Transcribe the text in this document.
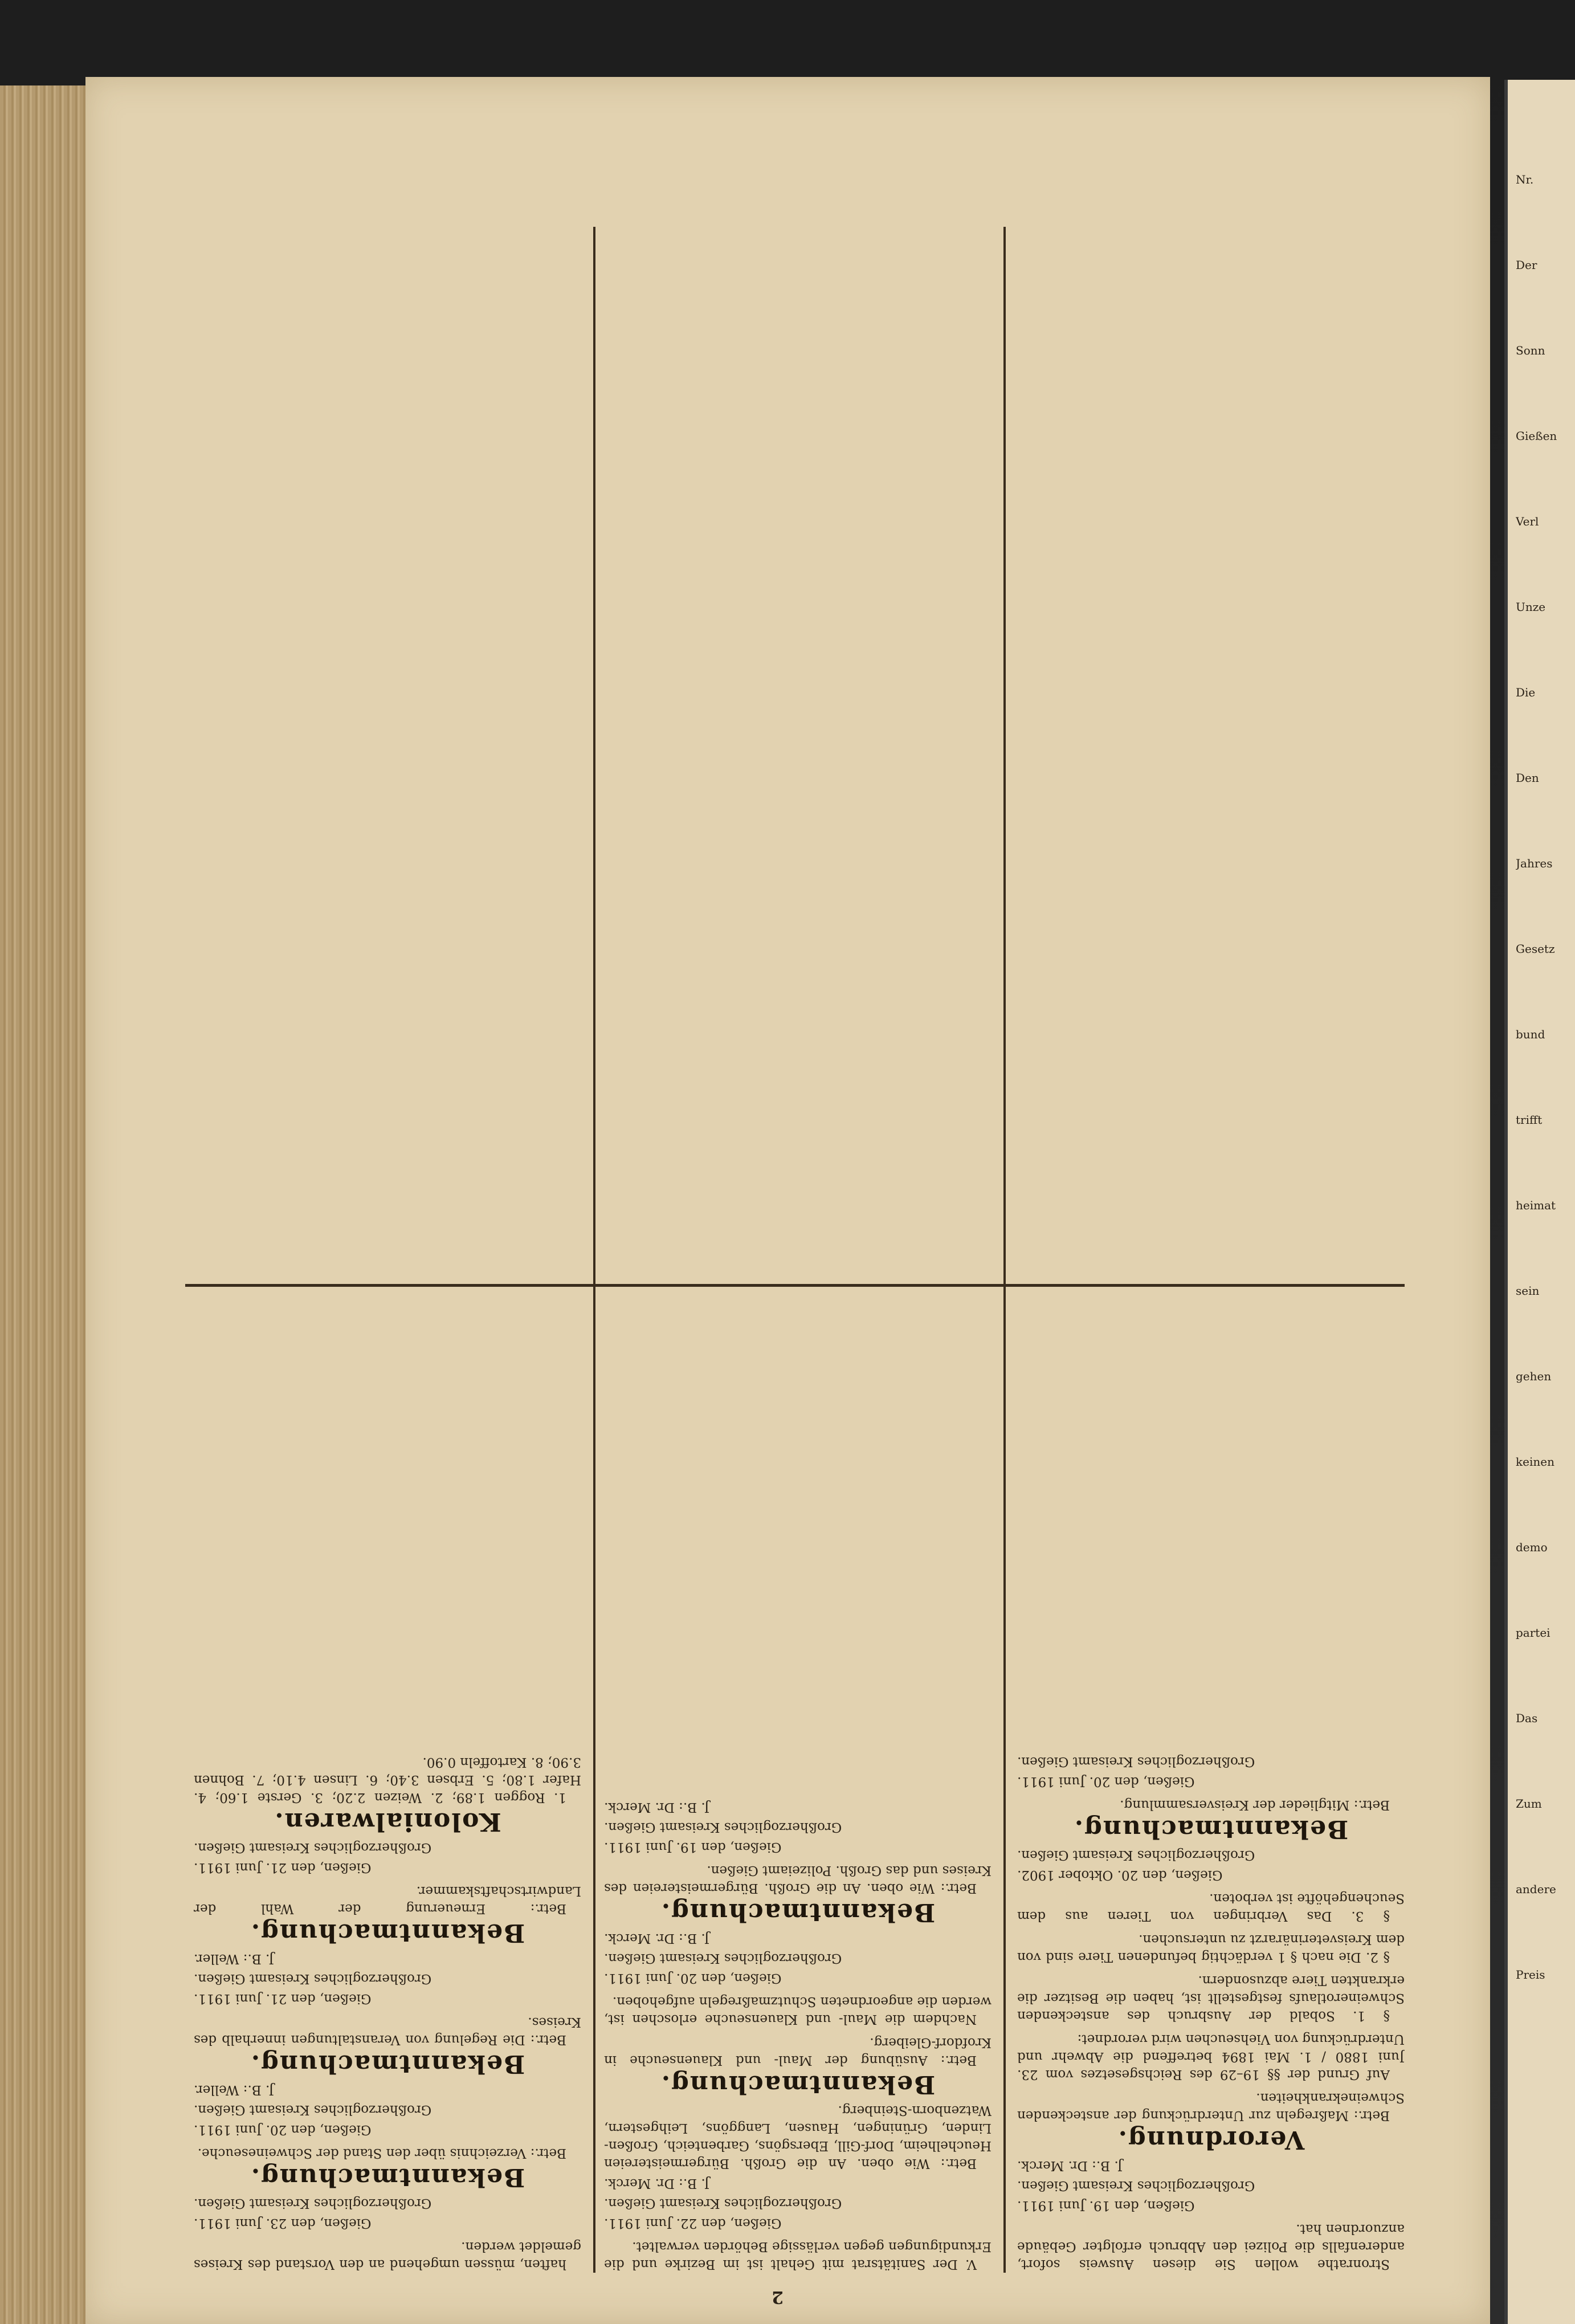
2

Stronrathe wollen Sie diesen Ausweis sofort, anderenfalls die Polizei den Abbruch erfolgter Gebäude anzuordnen hat.

Gießen, den 19. Juni 1911.
Großherzogliches Kreisamt Gießen.
J. B.: Dr. Merck.
Verordnung.

Betr.: Maßregeln zur Unterdrückung der ansteckenden Schweinekrankheiten.

Auf Grund der §§ 19–29 des Reichsgesetzes vom 23. Juni 1880 / 1. Mai 1894 betreffend die Abwehr und Unterdrückung von Viehseuchen wird verordnet:

§ 1. Sobald der Ausbruch des ansteckenden Schweinerotlaufs festgestellt ist, haben die Besitzer die erkrankten Tiere abzusondern.

§ 2. Die nach § 1 verdächtig befundenen Tiere sind von dem Kreisveterinärarzt zu untersuchen.

§ 3. Das Verbringen von Tieren aus dem Seuchengehöfte ist verboten.

Gießen, den 20. Oktober 1902.
Großherzogliches Kreisamt Gießen.
Bekanntmachung.

Betr.: Mitglieder der Kreisversammlung.

Gießen, den 20. Juni 1911.
Großherzogliches Kreisamt Gießen.

V. Der Sanitätsrat mit Gehalt ist im Bezirke und die Erkundigungen gegen verlässige Behörden verwaltet.

Gießen, den 22. Juni 1911.
Großherzogliches Kreisamt Gießen.
J. B.: Dr. Merck.

Betr.: Wie oben. An die Großh. Bürgermeistereien Heuchelheim, Dorf-Gill, Ebersgöns, Garbenteich, Großen-Linden, Grüningen, Hausen, Langgöns, Leihgestern, Watzenborn-Steinberg.

Bekanntmachung.

Betr.: Ausübung der Maul- und Klauenseuche in Krofdorf-Gleiberg.

Nachdem die Maul- und Klauenseuche erloschen ist, werden die angeordneten Schutzmaßregeln aufgehoben.

Gießen, den 20. Juni 1911.
Großherzogliches Kreisamt Gießen.
J. B.: Dr. Merck.
Bekanntmachung.

Betr.: Wie oben. An die Großh. Bürgermeistereien des Kreises und das Großh. Polizeiamt Gießen.

Gießen, den 19. Juni 1911.
Großherzogliches Kreisamt Gießen.
J. B.: Dr. Merck.

haften, müssen umgehend an den Vorstand des Kreises gemeldet werden.

Gießen, den 23. Juni 1911.
Großherzogliches Kreisamt Gießen.
Bekanntmachung.

Betr.: Verzeichnis über den Stand der Schweineseuche.

Gießen, den 20. Juni 1911.
Großherzogliches Kreisamt Gießen.
J. B.: Weller.
Bekanntmachung.

Betr.: Die Regelung von Veranstaltungen innerhalb des Kreises.

Gießen, den 21. Juni 1911.
Großherzogliches Kreisamt Gießen.
J. B.: Weller.
Bekanntmachung.

Betr.: Erneuerung der Wahl der Landwirtschaftskammer.

Gießen, den 21. Juni 1911.
Großherzogliches Kreisamt Gießen.
Kolonialwaren.

1. Roggen 1.89; 2. Weizen 2.20; 3. Gerste 1.60; 4. Hafer 1.80; 5. Erbsen 3.40; 6. Linsen 4.10; 7. Bohnen 3.90; 8. Kartoffeln 0.90.

Nr.
Der
Sonn
Gießen
Verl
Unze
Die
Den
Jahres
Gesetz
bund
trifft
heimat
sein
gehen
keinen
demo
partei
Das
Zum
andere
Preis
